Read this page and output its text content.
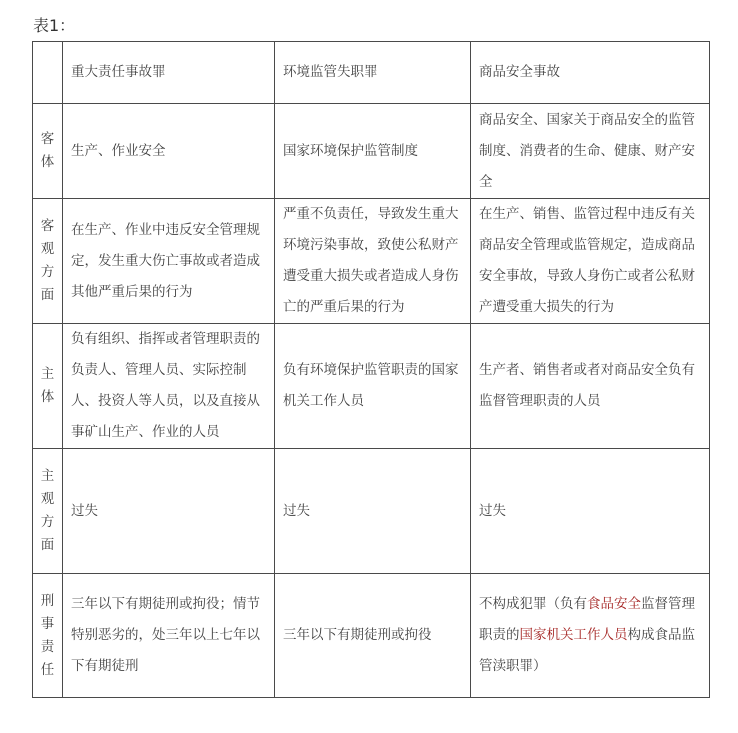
表1：
	重大责任事故罪	环境监管失职罪	商品安全事故

客
体	生产、作业安全	国家环境保护监管制度	商品安全、国家关于商品安全的监管制度、消费者的生命、健康、财产安全

客
观
方
面	在生产、作业中违反安全管理规定，发生重大伤亡事故或者造成其他严重后果的行为	严重不负责任，导致发生重大环境污染事故，致使公私财产遭受重大损失或者造成人身伤亡的严重后果的行为	在生产、销售、监管过程中违反有关商品安全管理或监管规定，造成商品安全事故，导致人身伤亡或者公私财产遭受重大损失的行为

主
体	负有组织、指挥或者管理职责的负责人、管理人员、实际控制人、投资人等人员，以及直接从事矿山生产、作业的人员	负有环境保护监管职责的国家机关工作人员	生产者、销售者或者对商品安全负有监督管理职责的人员

主
观
方
面	过失	过失	过失

刑
事
责
任	三年以下有期徒刑或拘役；情节特别恶劣的，处三年以上七年以下有期徒刑	三年以下有期徒刑或拘役	不构成犯罪（负有食品安全监督管理职责的国家机关工作人员构成食品监管渎职罪）
